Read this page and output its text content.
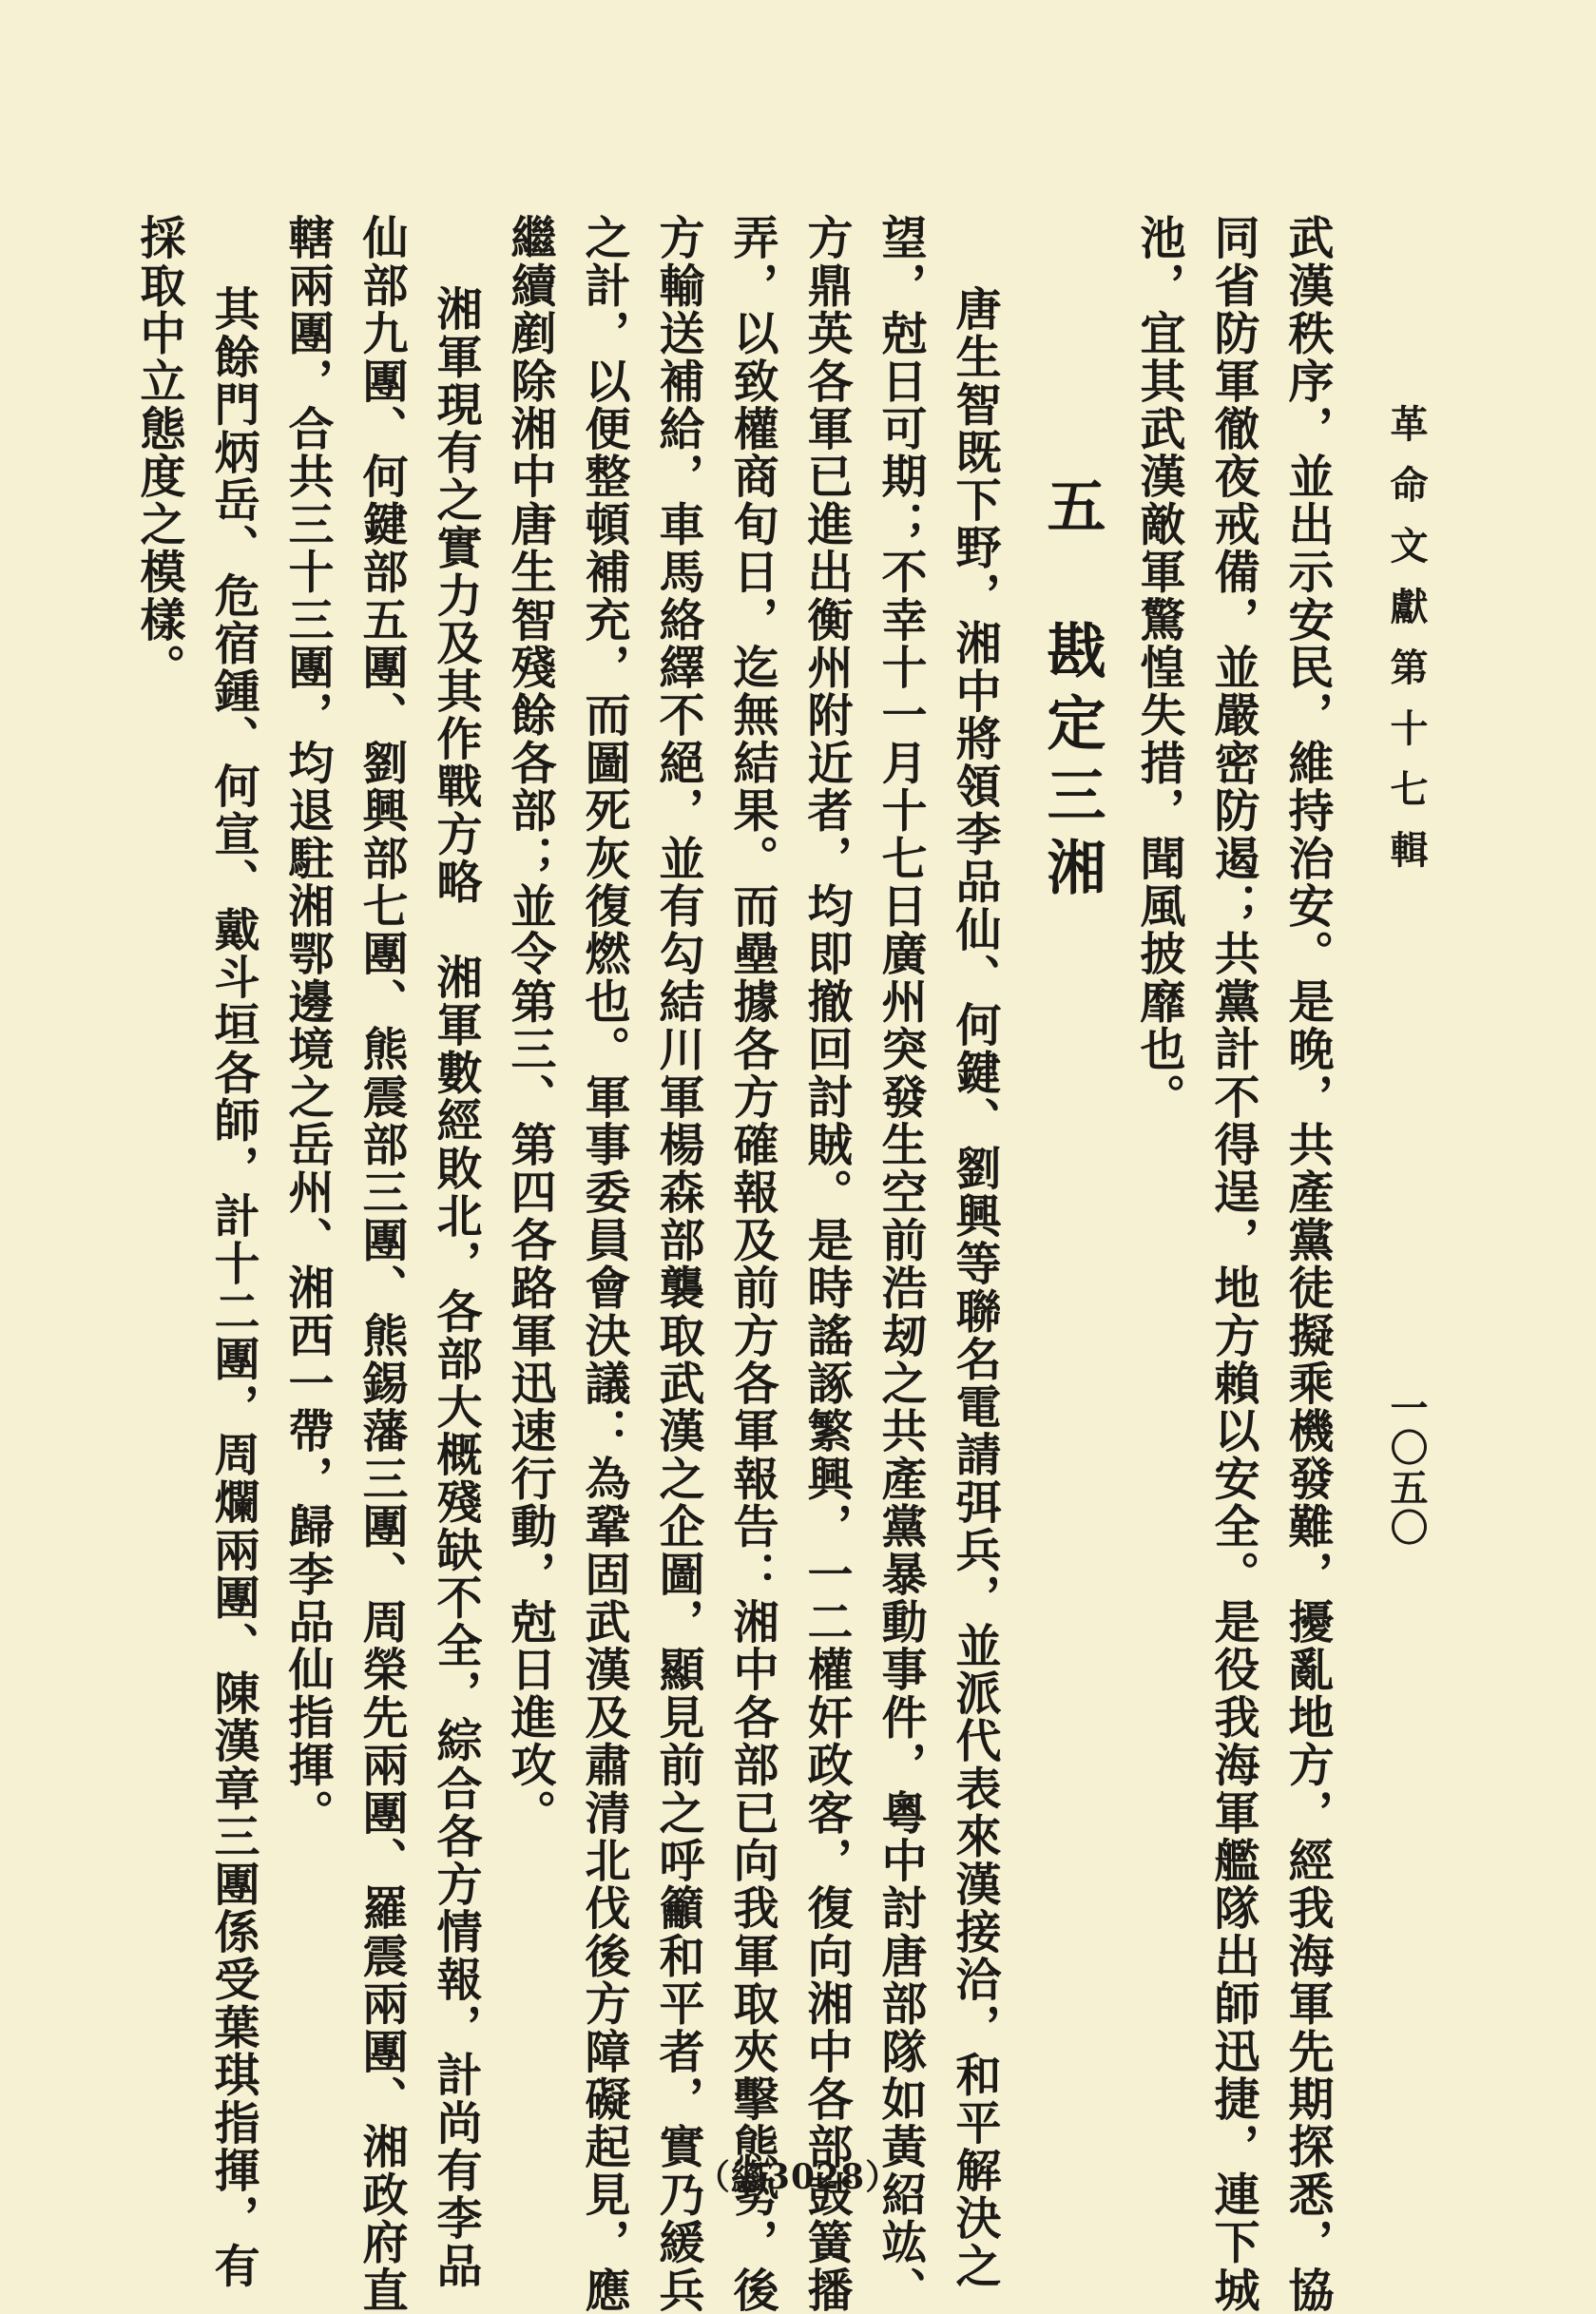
革命文獻第十七輯
一〇五〇
五　戡定三湘	武漢秩序，並出示安民，維持治安。是晚，共產黨徒擬乘機發難，擾亂地方，經我海軍先期探悉，協
同省防軍徹夜戒備，並嚴密防遏；共黨計不得逞，地方賴以安全。是役我海軍艦隊出師迅捷，連下城
池，宜其武漢敵軍驚惶失措，聞風披靡也。
唐生智既下野，湘中將領李品仙、何鍵、劉興等聯名電請弭兵，並派代表來漢接洽，和平解決之
望，尅日可期；不幸十一月十七日廣州突發生空前浩刼之共產黨暴動事件，粵中討唐部隊如黃紹竑、
方鼎英各軍已進出衡州附近者，均即撤回討賊。是時謠諑繁興，一二權奸政客，復向湘中各部鼓簧播
弄，以致權商旬日，迄無結果。而壘據各方確報及前方各軍報告：湘中各部已向我軍取夾擊態勢，後
方輸送補給，車馬絡繹不絕，並有勾結川軍楊森部襲取武漢之企圖，顯見前之呼籲和平者，實乃緩兵
之計，以便整頓補充，而圖死灰復燃也。軍事委員會決議：為鞏固武漢及肅清北伐後方障礙起見，應
繼續剷除湘中唐生智殘餘各部；並令第三、第四各路軍迅速行動，尅日進攻。
湘軍現有之實力及其作戰方略　湘軍數經敗北，各部大概殘缺不全，綜合各方情報，計尚有李品
仙部九團、何鍵部五團、劉興部七團、熊震部三團、熊錫藩三團、周榮先兩團、羅震兩團、湘政府直
轄兩團，合共三十三團，均退駐湘鄂邊境之岳州、湘西一帶，歸李品仙指揮。
其餘門炳岳、危宿鍾、何宣、戴斗垣各師，計十二團，周爛兩團、陳漢章三團係受葉琪指揮，有
採取中立態度之模樣。
（總3028）
